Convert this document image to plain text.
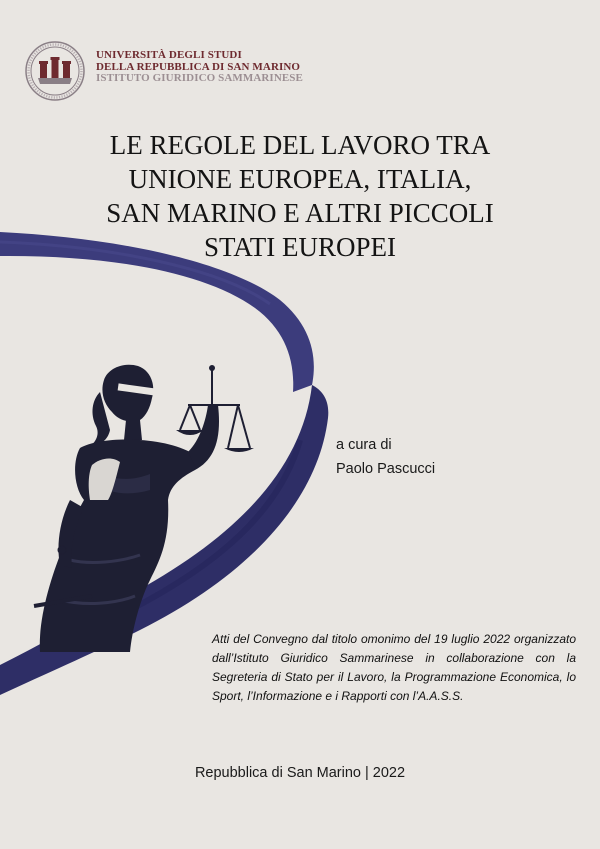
UNIVERSITÀ DEGLI STUDI
DELLA REPUBBLICA DI SAN MARINO
ISTITUTO GIURIDICO SAMMARINESE
LE REGOLE DEL LAVORO TRA
UNIONE EUROPEA, ITALIA,
SAN MARINO E ALTRI PICCOLI
STATI EUROPEI
a cura di
Paolo Pascucci
Atti del Convegno dal titolo omonimo del 19 luglio 2022 organizzato dall’Istituto Giuridico Sammarinese in collaborazione con la Segreteria di Stato per il Lavoro, la Programmazione Economica, lo Sport, l’Informazione e i Rapporti con l’A.A.S.S.
Repubblica di San Marino | 2022
